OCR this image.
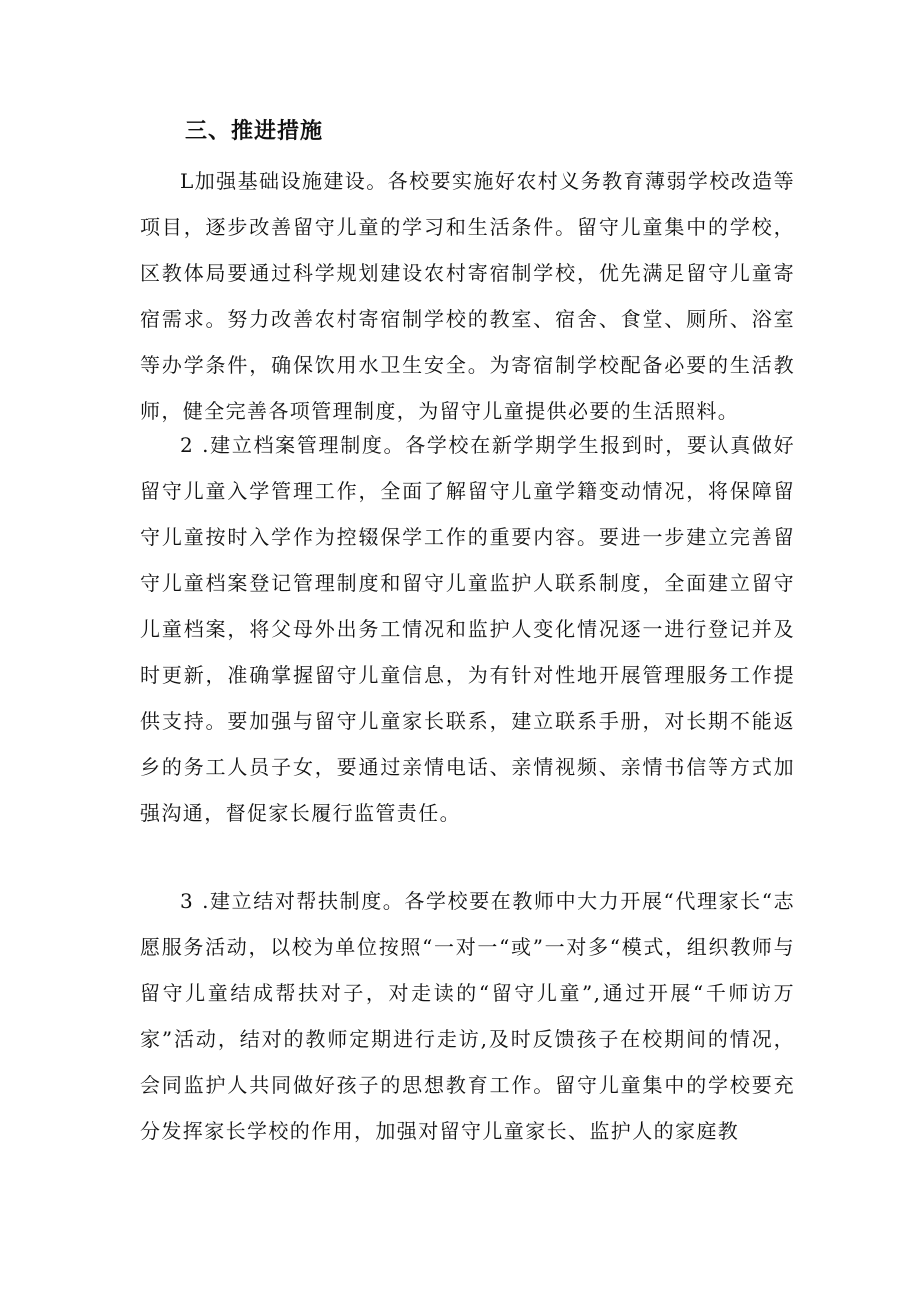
三、推进措施

L加强基础设施建设。各校要实施好农村义务教育薄弱学校改造等项目，逐步改善留守儿童的学习和生活条件。留守儿童集中的学校，区教体局要通过科学规划建设农村寄宿制学校，优先满足留守儿童寄宿需求。努力改善农村寄宿制学校的教室、宿舍、食堂、厕所、浴室等办学条件，确保饮用水卫生安全。为寄宿制学校配备必要的生活教师，健全完善各项管理制度，为留守儿童提供必要的生活照料。

2 .建立档案管理制度。各学校在新学期学生报到时，要认真做好留守儿童入学管理工作，全面了解留守儿童学籍变动情况，将保障留守儿童按时入学作为控辍保学工作的重要内容。要进一步建立完善留守儿童档案登记管理制度和留守儿童监护人联系制度，全面建立留守儿童档案，将父母外出务工情况和监护人变化情况逐一进行登记并及时更新，准确掌握留守儿童信息，为有针对性地开展管理服务工作提供支持。要加强与留守儿童家长联系，建立联系手册，对长期不能返乡的务工人员子女，要通过亲情电话、亲情视频、亲情书信等方式加强沟通，督促家长履行监管责任。

3 .建立结对帮扶制度。各学校要在教师中大力开展“代理家长“志愿服务活动，以校为单位按照“一对一“或”一对多“模式，组织教师与留守儿童结成帮扶对子，对走读的“留守儿童”,通过开展“千师访万家”活动，结对的教师定期进行走访,及时反馈孩子在校期间的情况，会同监护人共同做好孩子的思想教育工作。留守儿童集中的学校要充分发挥家长学校的作用，加强对留守儿童家长、监护人的家庭教
